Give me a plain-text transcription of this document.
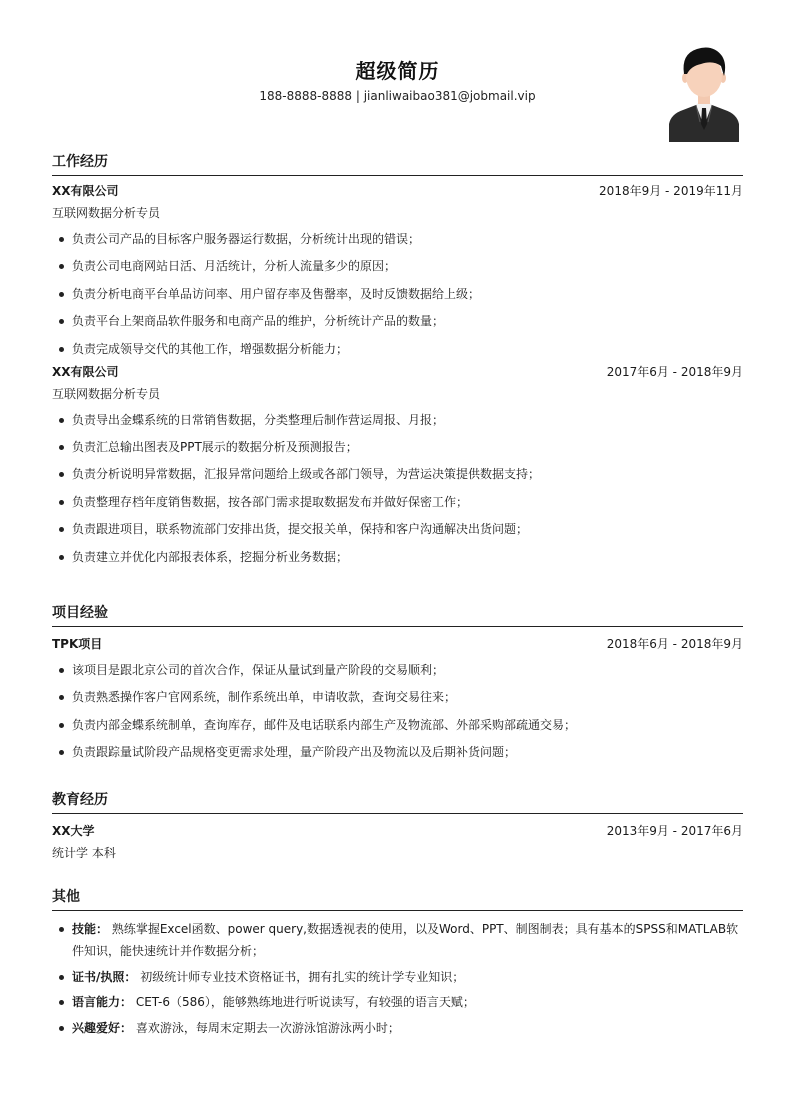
超级简历
188-8888-8888 | jianliwaibao381@jobmail.vip
工作经历
XX有限公司	2018年9月 - 2019年11月
互联网数据分析专员
负责公司产品的目标客户服务器运行数据，分析统计出现的错误；
负责公司电商网站日活、月活统计，分析人流量多少的原因；
负责分析电商平台单品访问率、用户留存率及售罄率，及时反馈数据给上级；
负责平台上架商品软件服务和电商产品的维护，分析统计产品的数量；
负责完成领导交代的其他工作，增强数据分析能力；
XX有限公司	2017年6月 - 2018年9月
互联网数据分析专员
负责导出金蝶系统的日常销售数据，分类整理后制作营运周报、月报；
负责汇总输出图表及PPT展示的数据分析及预测报告；
负责分析说明异常数据，汇报异常问题给上级或各部门领导，为营运决策提供数据支持；
负责整理存档年度销售数据，按各部门需求提取数据发布并做好保密工作；
负责跟进项目，联系物流部门安排出货，提交报关单，保持和客户沟通解决出货问题；
负责建立并优化内部报表体系，挖掘分析业务数据；
项目经验
TPK项目	2018年6月 - 2018年9月
该项目是跟北京公司的首次合作，保证从量试到量产阶段的交易顺利；
负责熟悉操作客户官网系统，制作系统出单，申请收款，查询交易往来；
负责内部金蝶系统制单，查询库存，邮件及电话联系内部生产及物流部、外部采购部疏通交易；
负责跟踪量试阶段产品规格变更需求处理，量产阶段产出及物流以及后期补货问题；
教育经历
XX大学	2013年9月 - 2017年6月
统计学 本科
其他
技能： 熟练掌握Excel函数、power query,数据透视表的使用，以及Word、PPT、制图制表；具有基本的SPSS和MATLAB软件知识，能快速统计并作数据分析；
证书/执照： 初级统计师专业技术资格证书，拥有扎实的统计学专业知识；
语言能力： CET-6（586），能够熟练地进行听说读写，有较强的语言天赋；
兴趣爱好： 喜欢游泳，每周末定期去一次游泳馆游泳两小时；
